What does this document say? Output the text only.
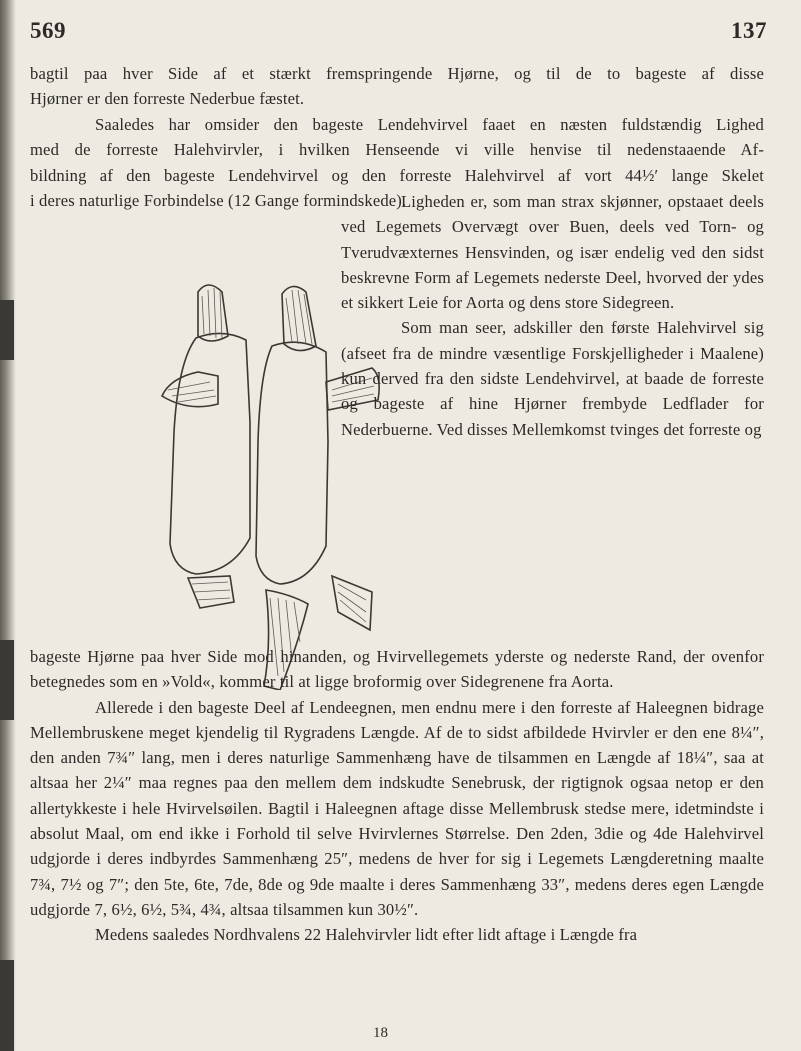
569	137

bagtil paa hver Side af et stærkt fremspringende Hjørne, og til de to bageste af disse

Hjørner er den forreste Nederbue fæstet.

Saaledes har omsider den bageste Lendehvirvel faaet en næsten fuldstændig Lighed

med de forreste Halehvirvler, i hvilken Henseende vi ville henvise til nedenstaaende Af-

bildning af den bageste Lendehvirvel og den forreste Halehvirvel af vort 44½′ lange Skelet

i deres naturlige Forbindelse (12 Gange formindskede).

Ligheden er, som man strax skjønner, opstaaet deels ved Legemets Overvægt over Buen, deels ved Torn- og Tverudvæxternes Hensvinden, og især endelig ved den sidst beskrevne Form af Legemets nederste Deel, hvorved der ydes et sikkert Leie for Aorta og dens store Sidegreen.

Som man seer, adskiller den første Halehvirvel sig (afseet fra de mindre væsentlige Forskjelligheder i Maalene) kun derved fra den sidste Lendehvirvel, at baade de forreste og bageste af hine Hjørner frembyde Ledflader for Nederbuerne. Ved disses Mellemkomst tvinges det forreste og

bageste Hjørne paa hver Side mod hinanden, og Hvirvellegemets yderste og nederste Rand, der ovenfor betegnedes som en »Vold«, kommer til at ligge broformig over Sidegrenene fra Aorta.

Allerede i den bageste Deel af Lendeegnen, men endnu mere i den forreste af Haleegnen bidrage Mellembruskene meget kjendelig til Rygradens Længde. Af de to sidst afbildede Hvirvler er den ene 8¼″, den anden 7¾″ lang, men i deres naturlige Sammenhæng have de tilsammen en Længde af 18¼″, saa at altsaa her 2¼″ maa regnes paa den mellem dem indskudte Senebrusk, der rigtignok ogsaa netop er den allertykkeste i hele Hvirvelsøilen. Bagtil i Haleegnen aftage disse Mellembrusk stedse mere, idetmindste i absolut Maal, om end ikke i Forhold til selve Hvirvlernes Størrelse. Den 2den, 3die og 4de Halehvirvel udgjorde i deres indbyrdes Sammenhæng 25″, medens de hver for sig i Legemets Længderetning maalte 7¾, 7½ og 7″; den 5te, 6te, 7de, 8de og 9de maalte i deres Sammenhæng 33″, medens deres egen Længde udgjorde 7, 6½, 6½, 5¾, 4¾, altsaa tilsammen kun 30½″.

Medens saaledes Nordhvalens 22 Halehvirvler lidt efter lidt aftage i Længde fra

18
